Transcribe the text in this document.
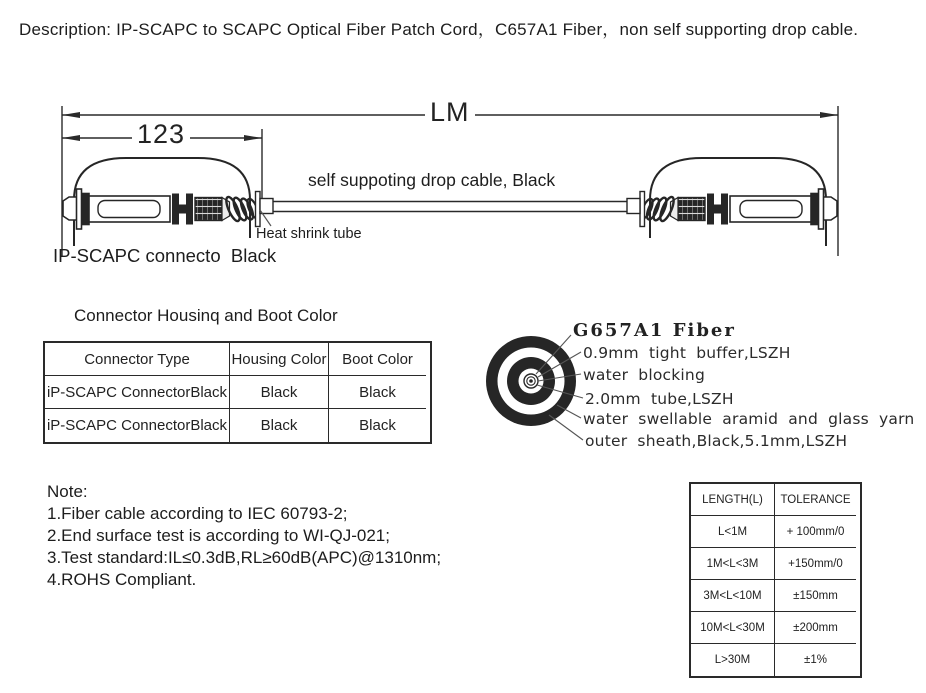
Description: IP-SCAPC to SCAPC Optical Fiber Patch Cord，C657A1 Fiber，non self supporting drop cable.
LM
123
self suppoting drop cable, Black
Heat shrink tube
IP-SCAPC connecto  Black
Connector Housinq and Boot Color
Connector Type	Housing Color	Boot Color
iP-SCAPC ConnectorBlack	Black	Black
iP-SCAPC ConnectorBlack	Black	Black
G657A1 Fiber
0.9mm tight buffer,LSZH
water blocking
2.0mm tube,LSZH
water swellable aramid and glass yarn
outer sheath,Black,5.1mm,LSZH
Note:
1.Fiber cable according to IEC 60793-2;
2.End surface test is according to WI-QJ-021;
3.Test standard:IL≤0.3dB,RL≥60dB(APC)@1310nm;
4.ROHS Compliant.
LENGTH(L)	TOLERANCE
L<1M	+ 100mm/0
1M<L<3M	+150mm/0
3M<L<10M	±150mm
10M<L<30M	±200mm
L>30M	±1%
